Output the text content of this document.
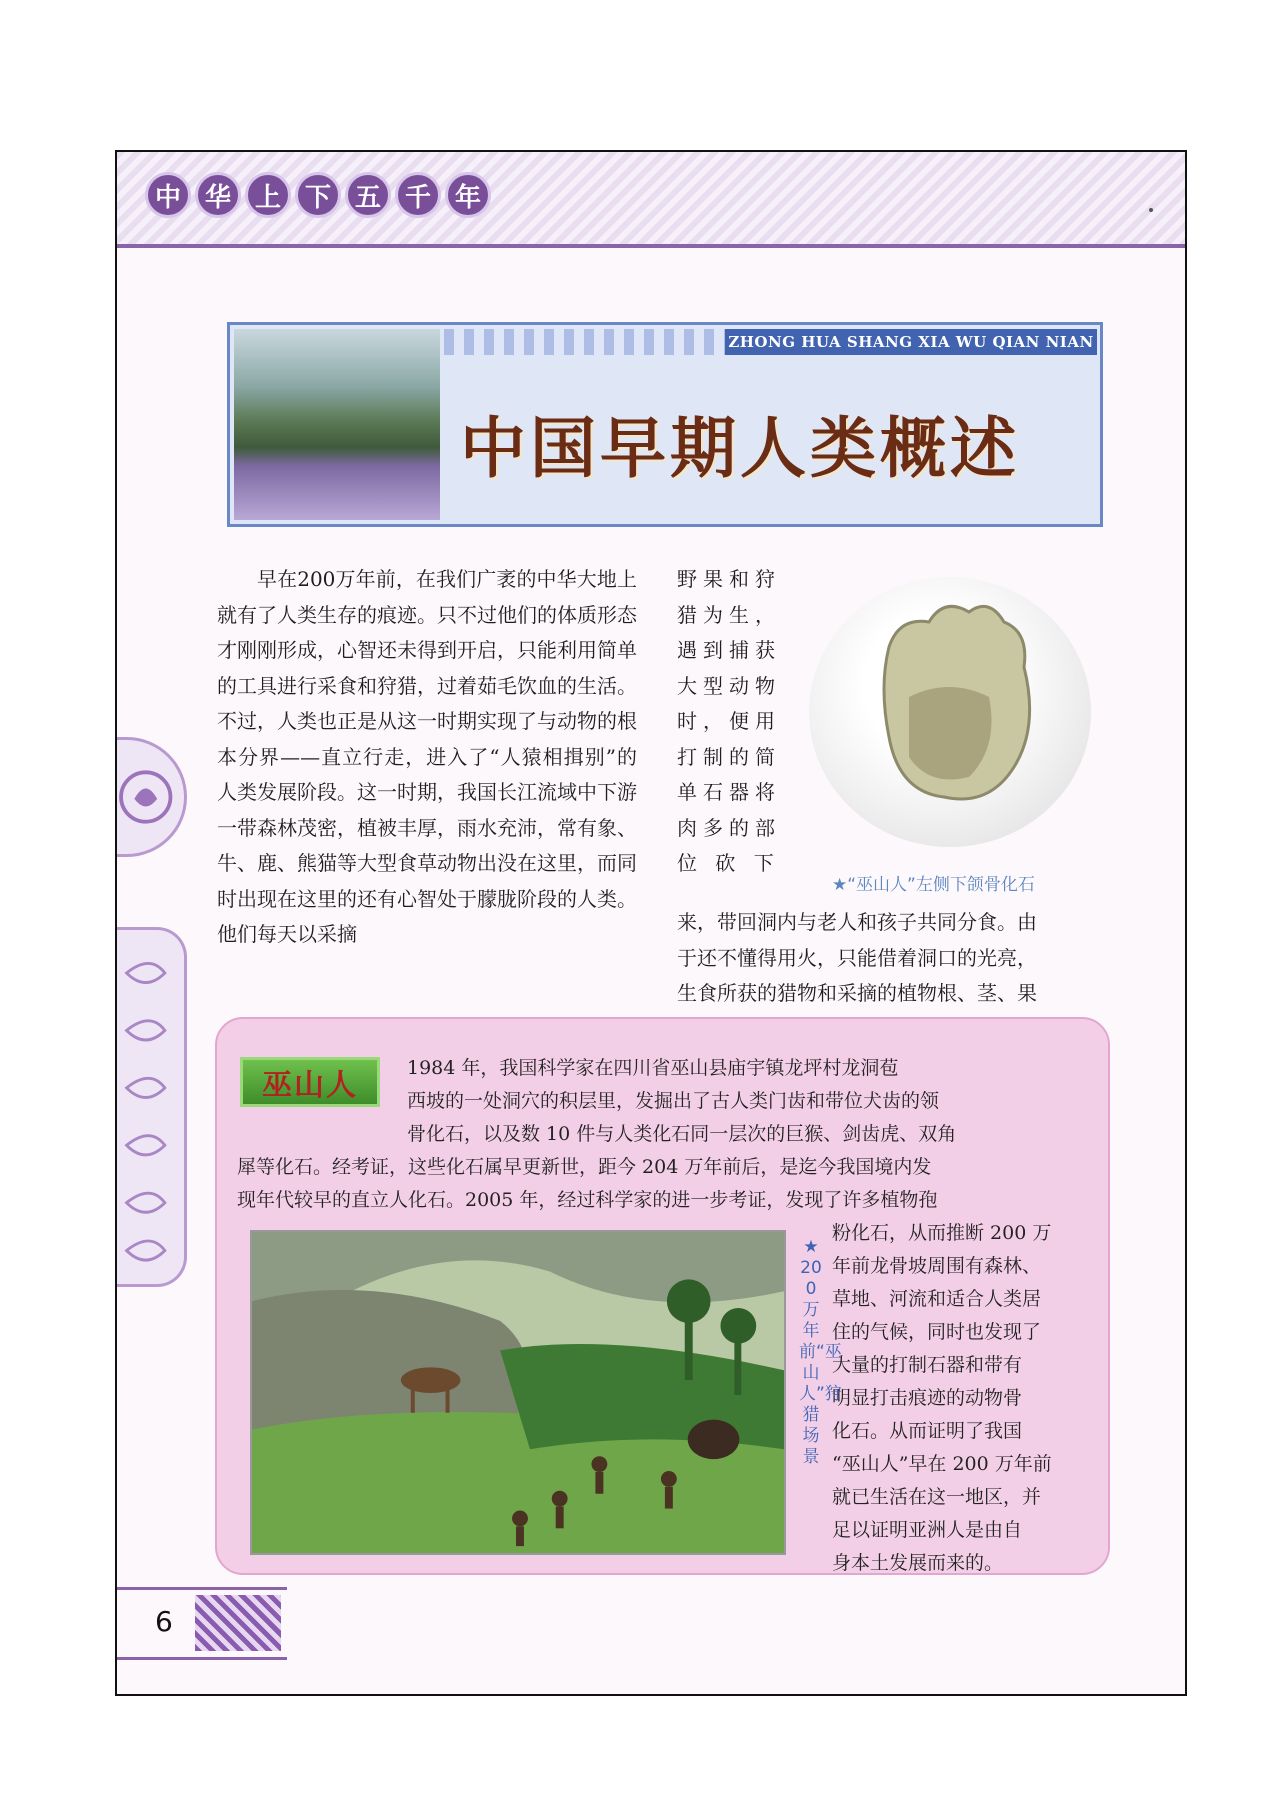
中 华 上 下 五 千 年
ZHONG HUA SHANG XIA WU QIAN NIAN
中国早期人类概述

早在200万年前，在我们广袤的中华大地上就有了人类生存的痕迹。只不过他们的体质形态才刚刚形成，心智还未得到开启，只能利用简单的工具进行采食和狩猎，过着茹毛饮血的生活。不过，人类也正是从这一时期实现了与动物的根本分界——直立行走，进入了“人猿相揖别”的人类发展阶段。这一时期，我国长江流域中下游一带森林茂密，植被丰厚，雨水充沛，常有象、牛、鹿、熊猫等大型食草动物出没在这里，而同时出现在这里的还有心智处于朦胧阶段的人类。他们每天以采摘

野果和狩
猎为生，
遇到捕获
大型动物
时，便用
打制的简
单石器将
肉多的部
位 砍 下
来，带回洞内与老人和孩子共同分食。由
于还不懂得用火，只能借着洞口的光亮，
生食所获的猎物和采摘的植物根、茎、果
★“巫山人”左侧下颌骨化石
巫山人	1984 年，我国科学家在四川省巫山县庙宇镇龙坪村龙洞苞
西坡的一处洞穴的积层里，发掘出了古人类门齿和带位犬齿的领
骨化石，以及数 10 件与人类化石同一层次的巨猴、剑齿虎、双角
犀等化石。经考证，这些化石属早更新世，距今 204 万年前后，是迄今我国境内发
现年代较早的直立人化石。2005 年，经过科学家的进一步考证，发现了许多植物孢
粉化石，从而推断 200 万
年前龙骨坡周围有森林、
草地、河流和适合人类居
住的气候，同时也发现了
大量的打制石器和带有
明显打击痕迹的动物骨
化石。从而证明了我国
“巫山人”早在 200 万年前
就已生活在这一地区，并
足以证明亚洲人是由自
身本土发展而来的。
★200万年前“巫山人”狩猎场景
6
